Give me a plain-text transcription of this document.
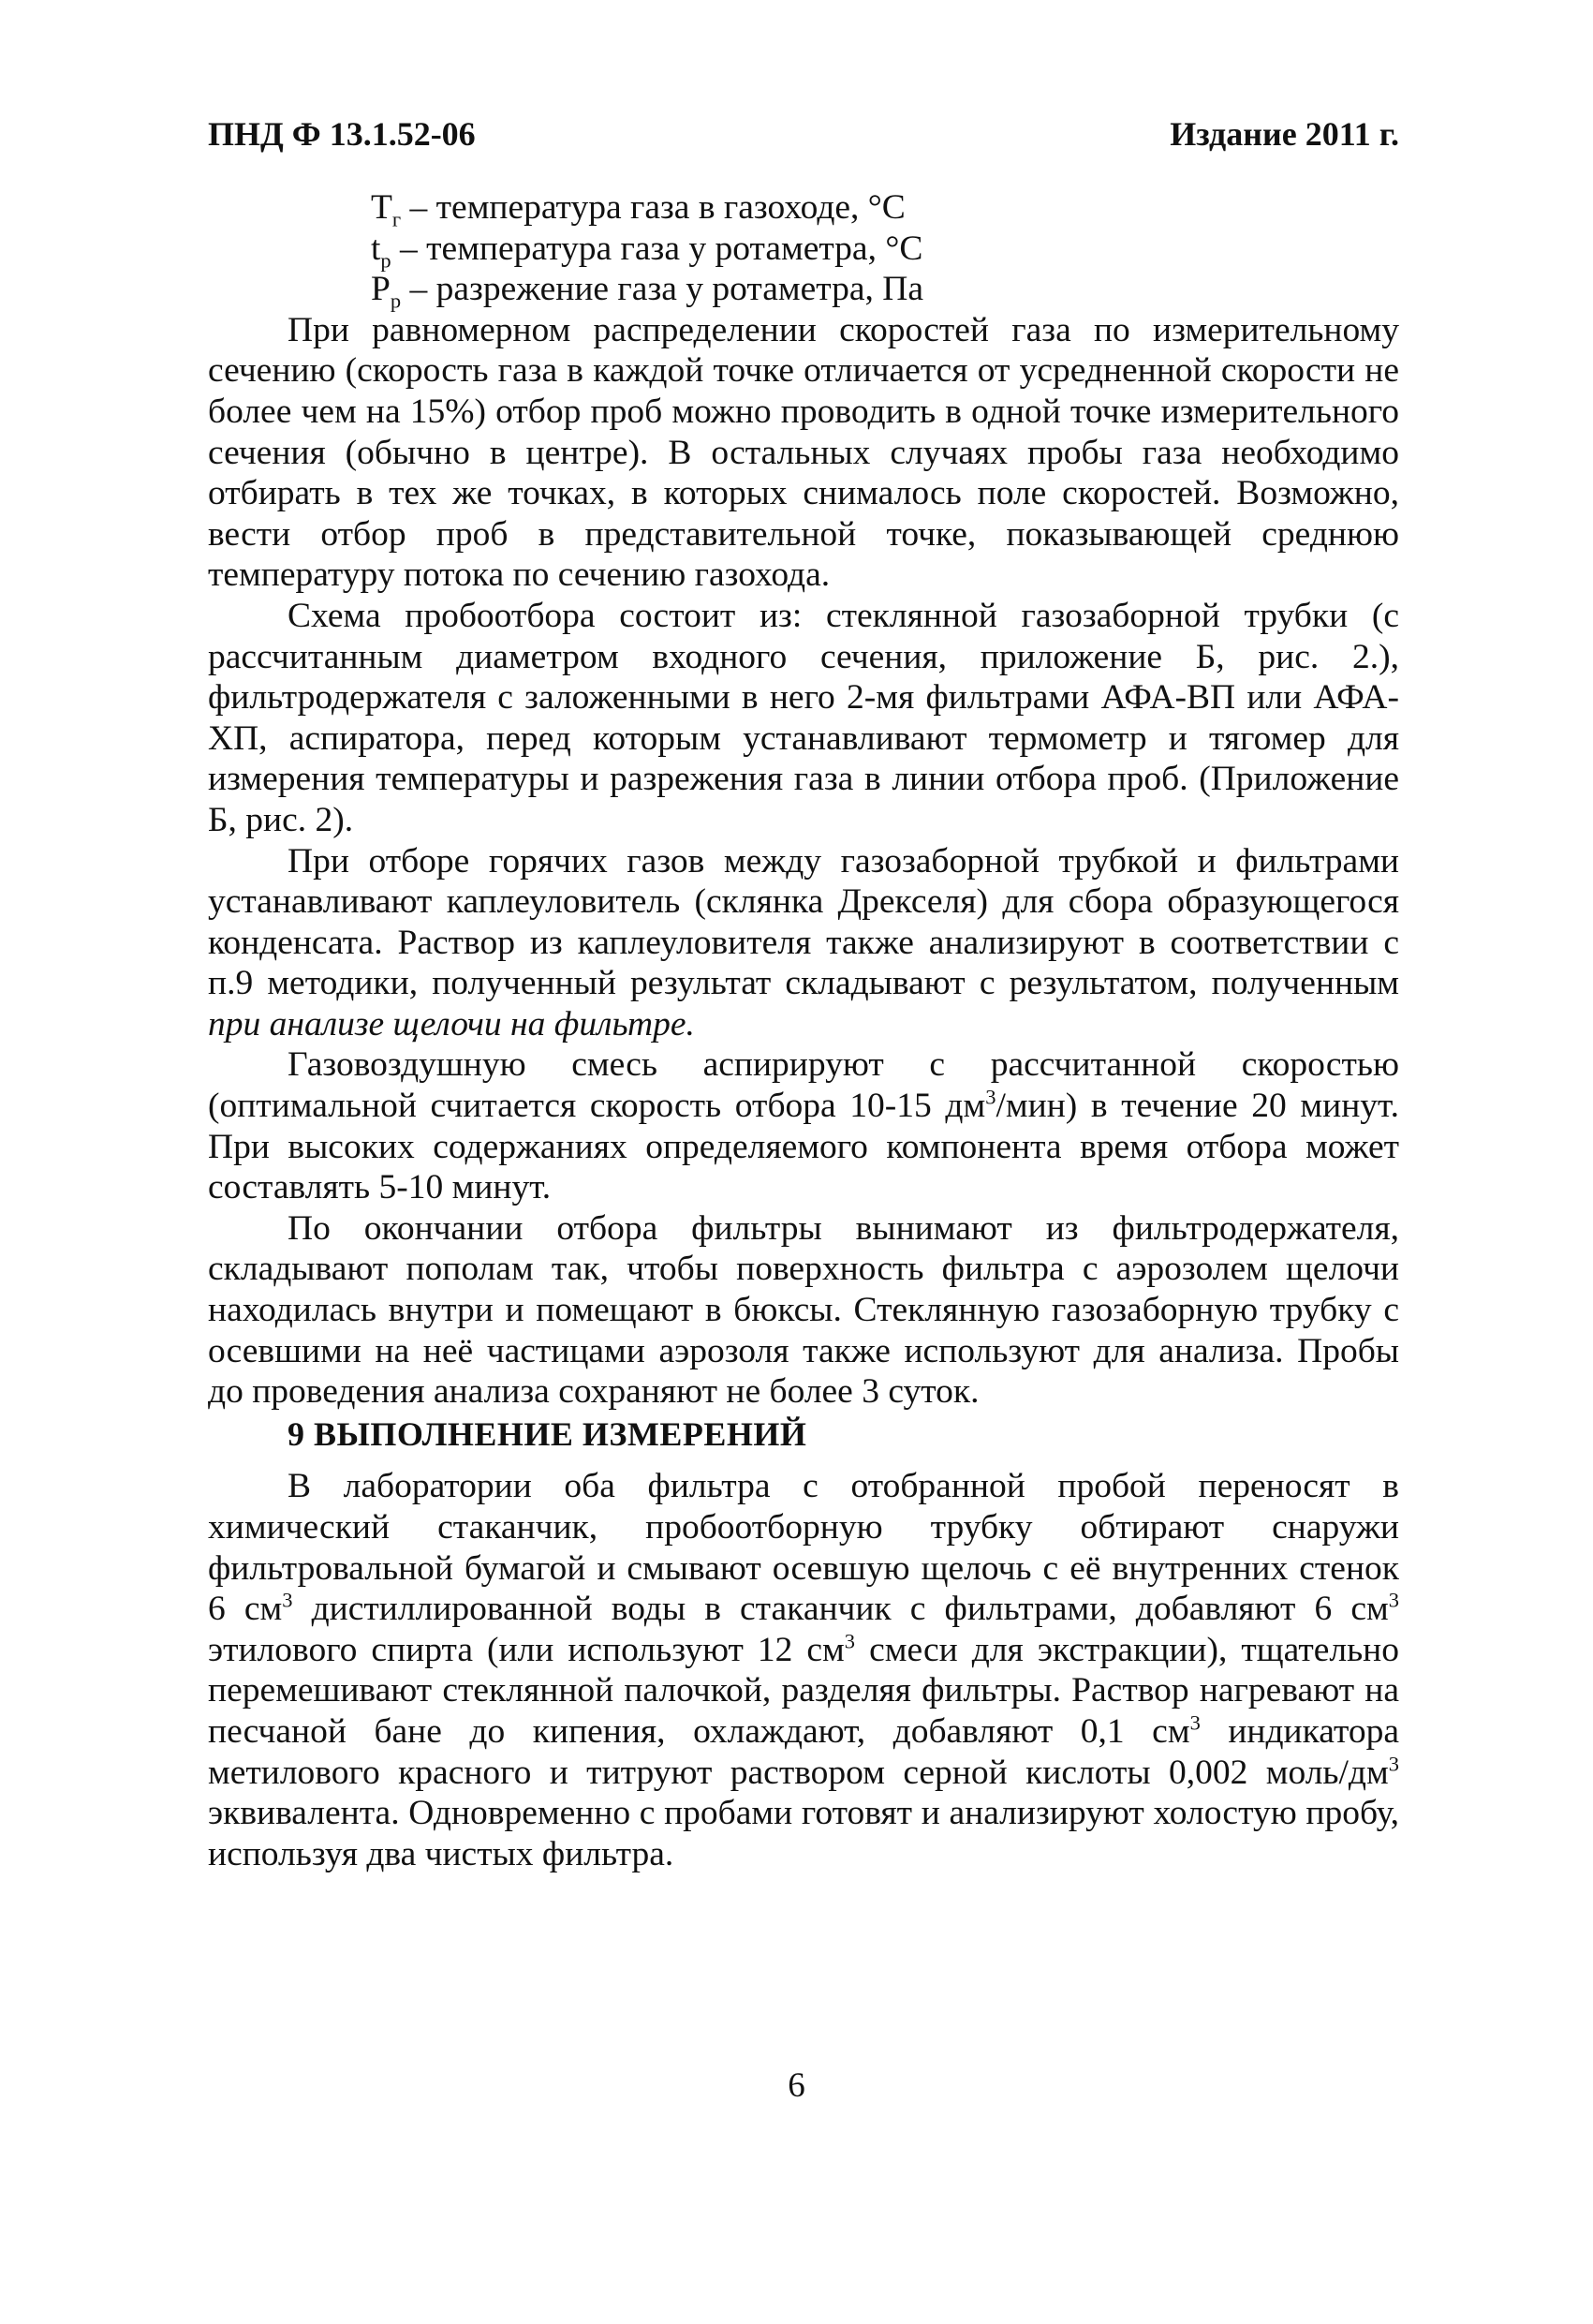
ПНД Ф 13.1.52-06	Издание 2011 г.

$T_г$ – температура газа в газоходе, °С

$t_р$ – температура газа у ротаметра, °С

$P_р$ – разрежение газа у ротаметра, Па

При равномерном распределении скоростей газа по измерительному сечению (скорость газа в каждой точке отличается от усредненной скорости не более чем на 15%) отбор проб можно проводить в одной точке измерительного сечения (обычно в центре). В остальных случаях пробы газа необходимо отбирать в тех же точках, в которых снималось поле скоростей. Возможно, вести отбор проб в представительной точке, показывающей среднюю температуру потока по сечению газохода.

Схема пробоотбора состоит из: стеклянной газозаборной трубки (с рассчитанным диаметром входного сечения, приложение Б, рис. 2.), фильтродержателя с заложенными в него 2-мя фильтрами АФА-ВП или АФА-ХП, аспиратора, перед которым устанавливают термометр и тягомер для измерения температуры и разрежения газа в линии отбора проб. (Приложение Б, рис. 2).

При отборе горячих газов между газозаборной трубкой и фильтрами устанавливают каплеуловитель (склянка Дрекселя) для сбора образующегося конденсата. Раствор из каплеуловителя также анализируют в соответствии с п.9 методики, полученный результат складывают с результатом, полученным при анализе щелочи на фильтре.

Газовоздушную смесь аспирируют с рассчитанной скоростью (оптимальной считается скорость отбора 10-15 $дм^3/мин$) в течение 20 минут. При высоких содержаниях определяемого компонента время отбора может составлять 5-10 минут.

По окончании отбора фильтры вынимают из фильтродержателя, складывают пополам так, чтобы поверхность фильтра с аэрозолем щелочи находилась внутри и помещают в бюксы. Стеклянную газозаборную трубку с осевшими на неё частицами аэрозоля также используют для анализа. Пробы до проведения анализа сохраняют не более 3 суток.

9 ВЫПОЛНЕНИЕ ИЗМЕРЕНИЙ

В лаборатории оба фильтра с отобранной пробой переносят в химический стаканчик, пробоотборную трубку обтирают снаружи фильтровальной бумагой и смывают осевшую щелочь с её внутренних стенок 6 $см^3$ дистиллированной воды в стаканчик с фильтрами, добавляют 6 $см^3$ этилового спирта (или используют 12 $см^3$ смеси для экстракции), тщательно перемешивают стеклянной палочкой, разделяя фильтры. Раствор нагревают на песчаной бане до кипения, охлаждают, добавляют 0,1 $см^3$ индикатора метилового красного и титруют раствором серной кислоты 0,002 моль/$дм^3$ эквивалента. Одновременно с пробами готовят и анализируют холостую пробу, используя два чистых фильтра.

6
